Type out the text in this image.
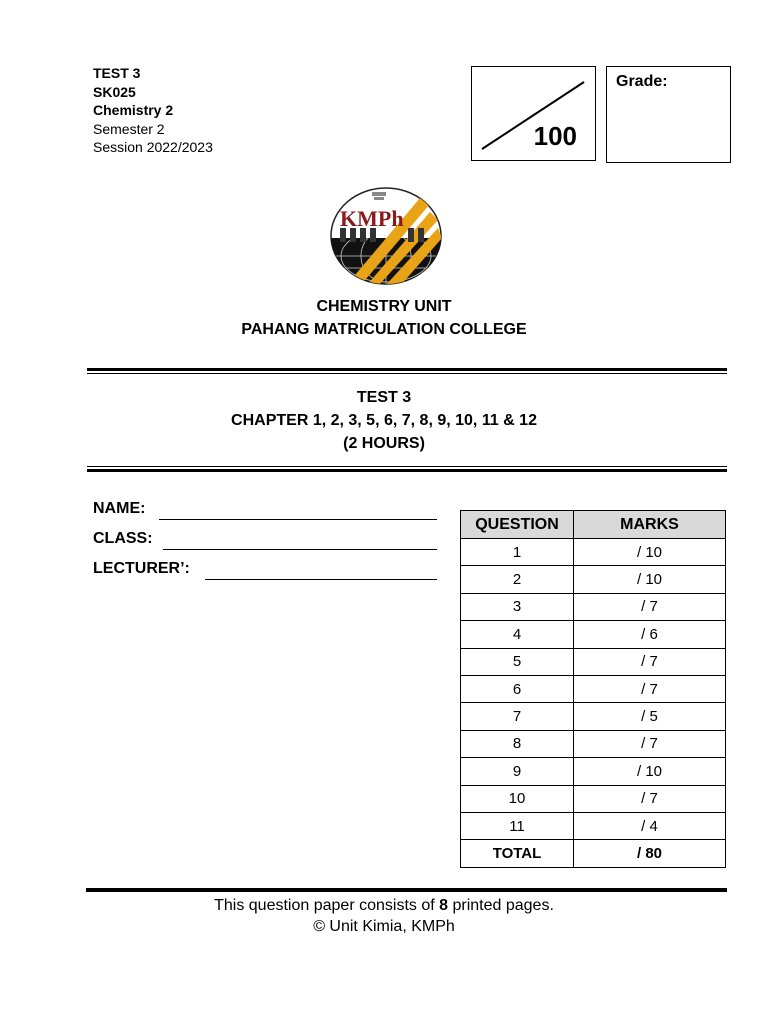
TEST 3
SK025
Chemistry 2
Semester 2
Session 2022/2023	100
Grade:
KMPh
CHEMISTRY UNIT
PAHANG MATRICULATION COLLEGE
TEST 3
CHAPTER 1, 2, 3, 5, 6, 7, 8, 9, 10, 11 & 12
(2 HOURS)
NAME:
CLASS:
LECTURER’:
QUESTION	MARKS
1	/ 10
2	/ 10
3	/ 7
4	/ 6
5	/ 7
6	/ 7
7	/ 5
8	/ 7
9	/ 10
10	/ 7
11	/ 4
TOTAL	/ 80
This question paper consists of 8 printed pages.
© Unit Kimia, KMPh
